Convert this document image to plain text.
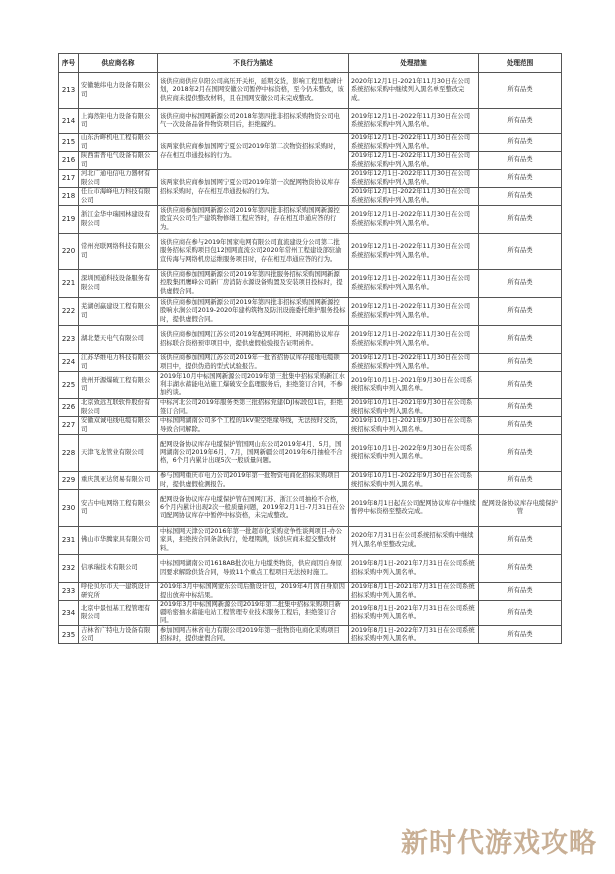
序号	供应商名称	不良行为描述	处理措施	处理范围
213	安徽驰纬电力设备有限公司	该供应商供应阜阳公司高压开关柜，延期交货，影响工程里程碑计划，2018年2月在国网安徽公司暂停中标资格，至今仍未整改，该供应商未提供整改材料，且在国网安徽公司未完成整改。	2020年12月1日-2021年11月30日在公司系统招标采购中继续列入黑名单至整改完成。	所有品类
214	上海然钜电力设备有限公司	该供应商中标国网新源公司2018年第四批非招标采购物资公司电气一次设备品备件物资项目后，拒绝履约。	2019年12月1日-2022年11月30日在公司系统招标采购中列入黑名单。	所有品类
215	山东沂畔机电工程有限公司	该两家供应商参加国网宁夏公司2019年第二次物资招标采购时，存在相互串通投标的行为。	2019年12月1日-2022年11月30日在公司系统招标采购中列入黑名单。	所有品类
216	陕西雷普电气设备有限公司		2019年12月1日-2022年11月30日在公司系统招标采购中列入黑名单。	所有品类
217	河北广通电信电力器材有限公司	该两家供应商参加国网宁夏公司2019年第一次配网物资协议库存招标采购时，存在相互串通投标的行为。	2019年12月1日-2022年11月30日在公司系统招标采购中列入黑名单。	所有品类
218	任丘市海峰电力科技有限公司		2019年12月1日-2022年11月30日在公司系统招标采购中列入黑名单。	所有品类
219	浙江金华中瑞园林建设有限公司	该供应商参加国网新源公司2019年第四批非招标采购国网新源控股宜兴公司生产建筑物修缮工程应答时，存在相互串通应答的行为。	2019年12月1日-2022年11月30日在公司系统招标采购中列入黑名单。	所有品类
220	常州亮联网络科技有限公司	该供应商在参与2019年国家电网有限公司直流建设分公司第二批服务招标采购项目包12国网直流公司2020年常州工程建设部驻渝宣传海与网络机房运维服务项目时，存在相互串通应答的行为。	2019年12月1日-2022年11月30日在公司系统招标采购中列入黑名单。	所有品类
221	深圳国通科技设备服务有限公司	该供应商参加国网新源公司2019年第四批服务招标采购国网新源控股集团鹰峰公司新厂房消防水源设备购置及安装项目投标时，提供虚假合同。	2019年12月1日-2022年11月30日在公司系统招标采购中列入黑名单。	所有品类
222	芜湖创赢建设工程有限公司	该供应商参加国网新源公司2019年第四批非招标采购国网新源控股响水涧公司2019-2020年建构筑物及防汛设施委托维护服务投标时，提供虚假合同。	2019年12月1日-2022年11月30日在公司系统招标采购中列入黑名单。	所有品类
223	湖北楚天电气有限公司	该供应商参加国网江苏公司2019年配网环网柜、环网箱协议库存招标联合资格预审项目中，提供虚假检验报告证明函件。	2019年12月1日-2022年11月30日在公司系统招标采购中列入黑名单。	所有品类
224	江苏华维电力科技有限公司	该供应商参加国网江苏公司2019年一批省招协议库存接地电缆锁项目中，提供伪造的型式试验报告。	2019年12月1日-2022年11月30日在公司系统招标采购中列入黑名单。	所有品类
225	贵州开源爆破工程有限公司	2019年10月中标国网新源公司2019年第三批集中招标采购新江水利丰湖水蓄能电站施工爆破安全监理服务后，拒绝签订合同，不参加约谈。	2019年10月1日-2021年9月30日在公司系统招标采购中列入黑名单。	所有品类
226	北京致远互联软件股份有限公司	中标河北公司2019年服务类第三批招标党建(DJ)标段包1后，拒绝签订合同。	2019年10月1日-2021年9月30日在公司系统招标采购中列入黑名单。	所有品类
227	安徽双诚电线电缆有限公司	中标国网湖南公司多个工程的1kV架空绝缘导线，无法按时交货，导致合同解除。	2019年10月1日-2021年9月30日在公司系统招标采购中列入黑名单。	所有品类
228	天津飞龙管业有限公司	配网设备协议库存电缆保护管国网山东公司2019年4月、5月，国网湖南公司2019年6月、7月，国网新疆公司2019年6月抽检不合格，6个月内累计出现5次一般质量问题。	2019年10月1日-2022年9月30日在公司系统招标采购中列入黑名单。	所有品类
229	重庆凯亚达贸易有限公司	参与国网重庆市电力公司2019年第一批物资电商化招标采购项目时，提供虚假检测报告。	2019年10月1日-2022年9月30日在公司系统招标采购中列入黑名单。	所有品类
230	安吉中电网络工程有限公司	配网设备协议库存电缆保护管在国网江苏、浙江公司抽检不合格，6个月内累计出现2次一般质量问题，2019年2月1日-7月31日在公司配网协议库存中暂停中标资格，未完成整改。	2019年8月1日起在公司配网协议库存中继续暂停中标资格至整改完成。	配网设备协议库存电缆保护管
231	佛山市华腾家具有限公司	中标国网天津公司2016年第一批超市化采购竞争性谈判项目-办公家具，拒绝按合同条款执行，处理期满，该供应商未提交整改材料。	2020年7月31日在公司系统招标采购中继续列入黑名单至整改完成。	所有品类
232	信承瑞技术有限公司	中标国网湖南公司1618AB批次电力电缆类物资，供应商因自身原因要求解除供货合同，导致11个重点工程项目无法按时施工。	2019年8月1日-2021年7月31日在公司系统招标采购中列入黑名单。	所有品类
233	呼伦贝尔市天一建筑设计研究所	2019年3月中标国网蒙东公司后勤设计包，2019年4月因自身原因提出放弃中标结果。	2019年8月1日-2021年7月31日在公司系统招标采购中列入黑名单。	所有品类
234	北京中景恒基工程管理有限公司	2019年3月中标国网新源公司2019年第二批集中招标采购项目新疆哈密抽水蓄能电站工程管理专业技术服务工程后，拒绝签订合同。	2019年8月1日-2021年7月31日在公司系统招标采购中列入黑名单。	所有品类
235	吉林省广特电力设备有限公司	参加国网吉林省电力有限公司2019年第一批物资电商化采购项目招标时，提供虚假合同。	2019年8月1日-2022年7月31日在公司系统招标采购中列入黑名单。	所有品类
新时代游戏攻略
